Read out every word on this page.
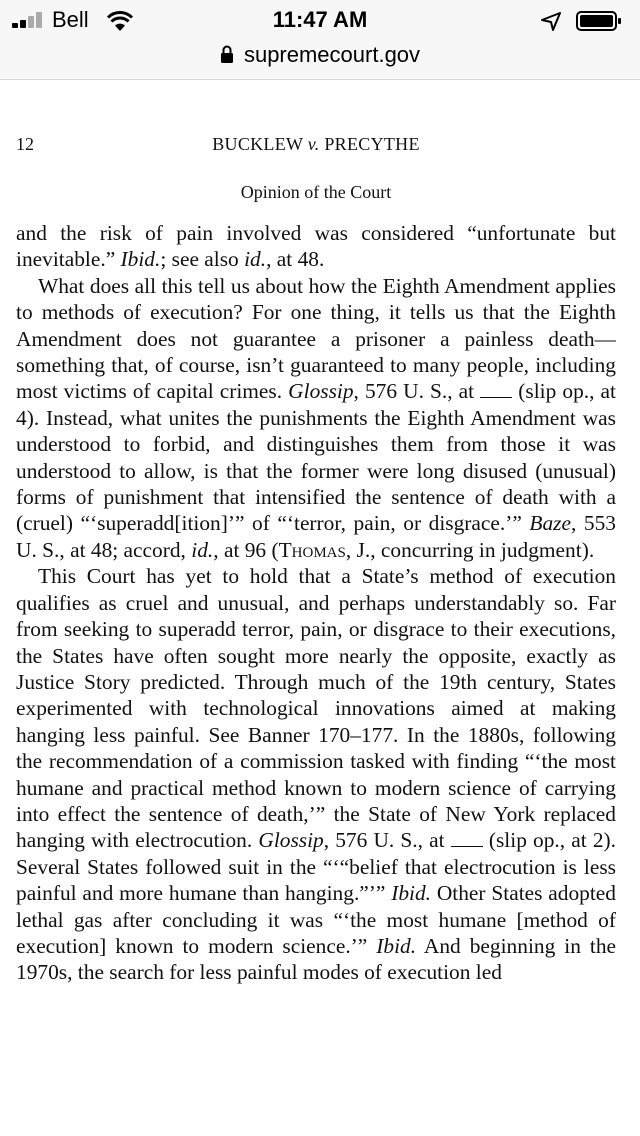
Bell	11:47 AM
supremecourt.gov
12	BUCKLEW v. PRECYTHE
Opinion of the Court

and the risk of pain involved was considered “unfortunate but inevitable.” Ibid.; see also id., at 48.

What does all this tell us about how the Eighth Amendment applies to methods of execution? For one thing, it tells us that the Eighth Amendment does not guarantee a prisoner a painless death—something that, of course, isn’t guaranteed to many people, including most victims of capital crimes. Glossip, 576 U. S., at  (slip op., at 4). Instead, what unites the punishments the Eighth Amendment was understood to forbid, and distinguishes them from those it was understood to allow, is that the former were long disused (unusual) forms of punishment that intensified the sentence of death with a (cruel) “‘superadd[ition]’” of “‘terror, pain, or disgrace.’” Baze, 553 U. S., at 48; accord, id., at 96 (Thomas, J., concurring in judgment).

This Court has yet to hold that a State’s method of execution qualifies as cruel and unusual, and perhaps understandably so. Far from seeking to superadd terror, pain, or disgrace to their executions, the States have often sought more nearly the opposite, exactly as Justice Story predicted. Through much of the 19th century, States experimented with technological innovations aimed at making hanging less painful. See Banner 170–177. In the 1880s, following the recommendation of a commission tasked with finding “‘the most humane and practical method known to modern science of carrying into effect the sentence of death,’” the State of New York replaced hanging with electrocution. Glossip, 576 U. S., at  (slip op., at 2). Several States followed suit in the “‘“belief that electrocution is less painful and more humane than hanging.”’” Ibid. Other States adopted lethal gas after concluding it was “‘the most humane [method of execution] known to modern science.’” Ibid. And beginning in the 1970s, the search for less painful modes of execution led
